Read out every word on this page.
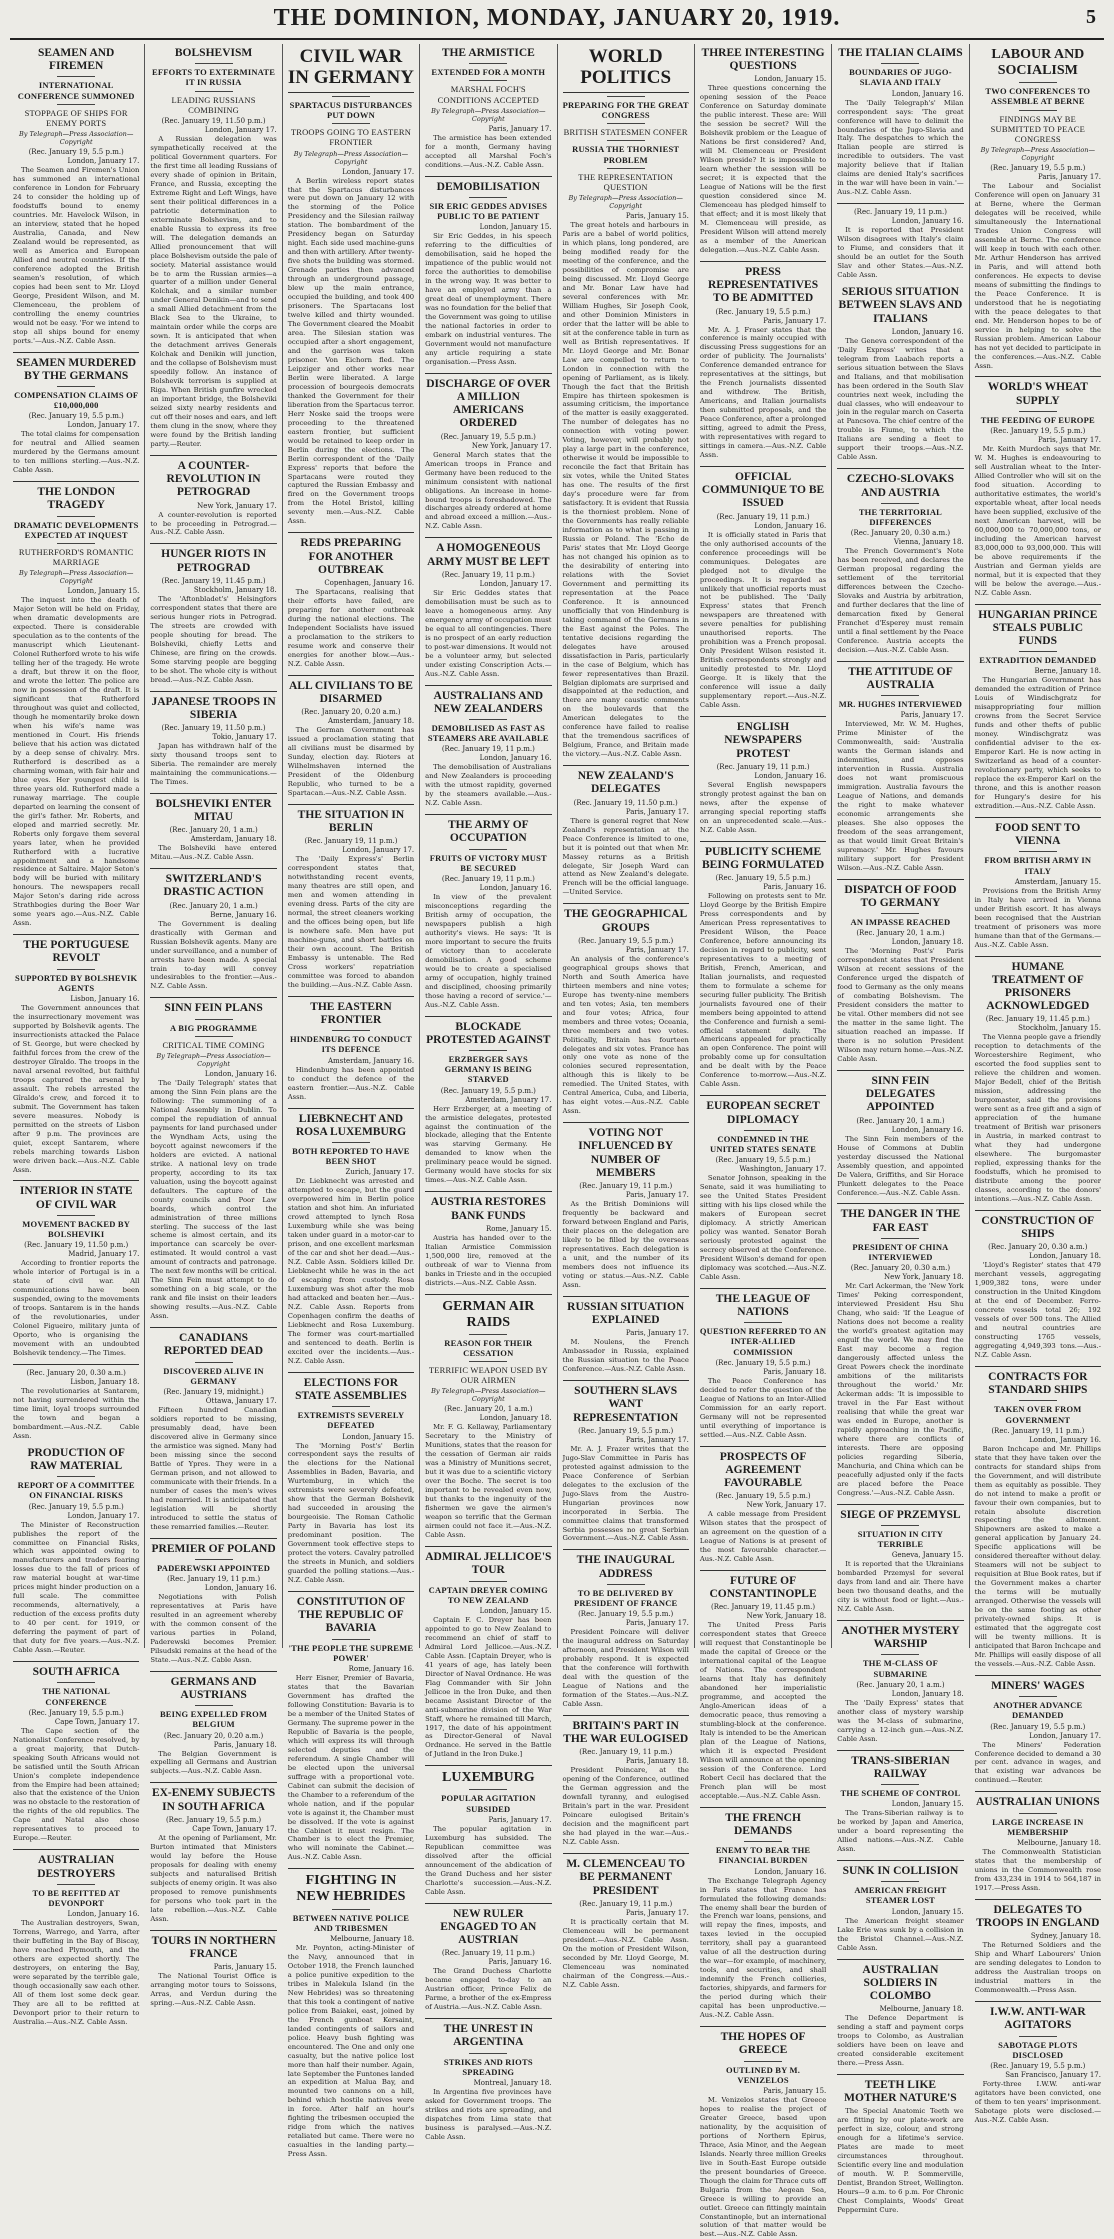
THE DOMINION, MONDAY, JANUARY 20, 1919.	5
SEAMEN AND FIREMEN
INTERNATIONAL CONFERENCE SUMMONED
STOPPAGE OF SHIPS FOR ENEMY PORTS
By Telegraph—Press Association—Copyright
(Rec. January 19, 5.5 p.m.)
London, January 17.

The Seamen and Firemen's Union has summoned an international conference in London for February 24 to consider the holding up of foodstuffs bound to enemy countries. Mr. Havelock Wilson, in an interview, stated that he hoped Australia, Canada, and New Zealand would be represented, as well as America and European Allied and neutral countries. If the conference adopted the British seamen's resolution, of which copies had been sent to Mr. Lloyd George, President Wilson, and M. Clemenceau, the problem of controlling the enemy countries would not be easy. 'For we intend to stop all ships bound for enemy ports.'—Aus.-N.Z. Cable Assn.

SEAMEN MURDERED BY THE GERMANS
COMPENSATION CLAIMS OF £10,000,000
(Rec. January 19, 5.5 p.m.)
London, January 17.

The total claims for compensation for neutral and Allied seamen murdered by the Germans amount to ten millions sterling.—Aus.-N.Z. Cable Assn.

THE LONDON TRAGEDY
DRAMATIC DEVELOPMENTS EXPECTED AT INQUEST
RUTHERFORD'S ROMANTIC MARRIAGE
By Telegraph—Press Association—Copyright
London, January 15.

The inquest into the death of Major Seton will be held on Friday, when dramatic developments are expected. There is considerable speculation as to the contents of the manuscript which Lieutenant-Colonel Rutherford wrote to his wife telling her of the tragedy. He wrote a draft, but threw it on the floor, and wrote the letter. The police are now in possession of the draft. It is significant that Rutherford throughout was quiet and collected, though he momentarily broke down when his wife's name was mentioned in Court. His friends believe that his action was dictated by a deep sense of chivalry. Mrs. Rutherford is described as a charming woman, with fair hair and blue eyes. Her youngest child is three years old. Rutherford made a runaway marriage. The couple departed on learning the consent of the girl's father. Mr. Roberts, and eloped and married secretly. Mr. Roberts only forgave them several years later, when he provided Rutherford with a lucrative appointment and a handsome residence at Saltaire. Major Seton's body will be buried with military honours. The newspapers recall Major Seton's daring ride across Strathbogies during the Boer War some years ago.—Aus.-N.Z. Cable Assn.

THE PORTUGUESE REVOLT
SUPPORTED BY BOLSHEVIK AGENTS
Lisbon, January 16.

The Government announces that the insurrectionary movement was supported by Bolshevik agents. The insurrectionists attacked the Palace of St. George, but were checked by faithful forces from the crew of the destroyer Gîraldo. The troops in the naval arsenal revolted, but faithful troops captured the arsenal by assault. The rebels arrested the Gîraldo's crew, and forced it to submit. The Government has taken severe measures. Nobody is permitted on the streets of Lisbon after 9 p.m. The provinces are quiet, except Santarem, where rebels marching towards Lisbon were driven back.—Aus.-N.Z. Cable Assn.

INTERIOR IN STATE OF CIVIL WAR
MOVEMENT BACKED BY BOLSHEVIKI
(Rec. January 19, 11.50 p.m.)
Madrid, January 17.

According to frontier reports the whole interior of Portugal is in a state of civil war. All communications have been suspended, owing to the movements of troops. Santarem is in the hands of the revolutionaries, under Colonel Figueiro, military junta of Oporto, who is organising the movement with an undoubted Bolshevik tendency.—The Times.

(Rec. January 20, 0.30 a.m.)
Lisbon, January 18.

The revolutionaries at Santarem, not having surrendered within the time limit, loyal troops surrounded the town and began a bombardment.—Aus.-N.Z. Cable Assn.

PRODUCTION OF RAW MATERIAL
REPORT OF A COMMITTEE ON FINANCIAL RISKS
(Rec. January 19, 5.5 p.m.)
London, January 17.

The Minister of Reconstruction publishes the report of the committee on Financial Risks, which was appointed owing to manufacturers and traders fearing losses due to the fall of prices of raw material bought at war-time prices might hinder production on a full scale. The committee recommends, alternatively, a reduction of the excess profits duty to 40 per cent. for 1919, or deferring the payment of part of that duty for five years.—Aus.-N.Z. Cable Assn.—Reuter.

SOUTH AFRICA
THE NATIONAL CONFERENCE
(Rec. January 19, 5.5 p.m.)
Cape Town, January 17.

The Cape section of the Nationalist Conference resolved, by a great majority, that Dutch-speaking South Africans would not be satisfied until the South African Union's complete independence from the Empire had been attained; also that the existence of the Union was no obstacle to the restoration of the rights of the old republics. The Cape and Natal also chose representatives to proceed to Europe.—Reuter.

AUSTRALIAN DESTROYERS
TO BE REFITTED AT DEVONPORT
London, January 16.

The Australian destroyers, Swan, Torrens, Warrego, and Yarra, after their buffeting in the Bay of Biscay, have reached Plymouth, and the others are expected shortly. The destroyers, on entering the Bay, were separated by the terrible gale, though occasionally saw each other. All of them lost some deck gear. They are all to be refitted at Devonport prior to their return to Australia.—Aus.-N.Z. Cable Assn.

BOLSHEVISM
EFFORTS TO EXTERMINATE IT IN RUSSIA
LEADING RUSSIANS COMBINING
(Rec. January 19, 11.50 p.m.)
London, January 17.

A Russian delegation was sympathetically received at the political Government quarters. For the first time all leading Russians of every shade of opinion in Britain, France, and Russia, excepting the Extreme Right and Left Wings, have sent their political differences in a patriotic determination to exterminate Bolshevism, and to enable Russia to express its free will. The delegation demands an Allied pronouncement that will place Bolshevism outside the pale of society. Material assistance would be to arm the Russian armies—a quarter of a million under General Kolchak, and a similar number under General Denikin—and to send a small Allied detachment from the Black Sea to the Ukraine, to maintain order while the corps are sown. It is anticipated that when the detachment arrives Generals Kolchak and Denikin will junction, and the collapse of Bolshevism must speedily follow. An instance of Bolshevik terrorism is supplied at Riga. When British gunfire wrecked an important bridge, the Bolsheviki seized sixty nearby residents and cut off their noses and ears, and left them clung in the snow, where they were found by the British landing party.—Reuter.

A COUNTER-REVOLUTION IN PETROGRAD
New York, January 17.

A counter-revolution is reported to be proceeding in Petrograd.—Aus.-N.Z. Cable Assn.

HUNGER RIOTS IN PETROGRAD
(Rec. January 19, 11.45 p.m.)
Stockholm, January 18.

The 'Aftonbladet's' Helsingfors correspondent states that there are serious hunger riots in Petrograd. The streets are crowded with people shouting for bread. The Bolsheviki, chiefly Letts and Chinese, are firing on the crowds. Some starving people are begging to be shot. The whole city is without bread.—Aus.-N.Z. Cable Assn.

JAPANESE TROOPS IN SIBERIA
(Rec. January 19, 11.50 p.m.)
Tokio, January 17.

Japan has withdrawn half of the sixty thousand troops sent to Siberia. The remainder are merely maintaining the communications.—The Times.

BOLSHEVIKI ENTER MITAU
(Rec. January 20, 1 a.m.)
Amsterdam, January 18.

The Bolsheviki have entered Mitau.—Aus.-N.Z. Cable Assn.

SWITZERLAND'S DRASTIC ACTION
(Rec. January 20, 1 a.m.)
Berne, January 16.

The Government is dealing drastically with German and Russian Bolshevik agents. Many are under surveillance, and a number of arrests have been made. A special train to-day will convey undesirables to the frontier.—Aus.-N.Z. Cable Assn.

SINN FEIN PLANS
A BIG PROGRAMME
CRITICAL TIME COMING
By Telegraph—Press Association—Copyright
London, January 16.

The 'Daily Telegraph' states that among the Sinn Fein plans are the following: The summoning of a National Assembly in Dublin. To compel the repudiation of annual payments for land purchased under the Wyndham Acts, using the boycott against newcomers if the holders are evicted. A national strike. A national levy on trade property, according to its tax valuation, using the boycott against defaulters. The capture of the county councils and Poor Law boards, which control the administration of three millions sterling. The success of the last scheme is almost certain, and its importance can scarcely be over-estimated. It would control a vast amount of contracts and patronage. The next few months will be critical. The Sinn Fein must attempt to do something on a big scale, or the rank and file insist on their leaders showing results.—Aus.-N.Z. Cable Assn.

CANADIANS REPORTED DEAD
DISCOVERED ALIVE IN GERMANY
(Rec. January 19, midnight.)
Ottawa, January 17.

Fifteen hundred Canadian soldiers reported to be missing, presumably dead, have been discovered alive in Germany since the armistice was signed. Many had been missing since the second Battle of Ypres. They were in a German prison, and not allowed to communicate with their friends. In a number of cases the men's wives had remarried. It is anticipated that legislation will be shortly introduced to settle the status of these remarried families.—Reuter.

PREMIER OF POLAND
PADEREWSKI APPOINTED
(Rec. January 19, 11 p.m.)
London, January 16.

Negotiations with Polish representatives at Paris have resulted in an agreement whereby with the common consent of the various parties in Poland, Paderewski becomes Premier. Pilsudski remains at the head of the State.—Aus.-N.Z. Cable Assn.

GERMANS AND AUSTRIANS
BEING EXPELLED FROM BELGIUM
(Rec. January 20, 0.20 a.m.)
Paris, January 18.

The Belgian Government is expelling all Germans and Austrian subjects.—Aus.-N.Z. Cable Assn.

EX-ENEMY SUBJECTS IN SOUTH AFRICA
(Rec. January 19, 5.5 p.m.)
Cape Town, January 17.

At the opening of Parliament, Mr. Burton intimated that Ministers would lay before the House proposals for dealing with enemy subjects and naturalised British subjects of enemy origin. It was also proposed to remove punishments for persons who took part in the late rebellion.—Aus.-N.Z. Cable Assn.

TOURS IN NORTHERN FRANCE
Paris, January 15.

The National Tourist Office is arranging motor tours to Soissons, Arras, and Verdun during the spring.—Aus.-N.Z. Cable Assn.

CIVIL WAR IN GERMANY
SPARTACUS DISTURBANCES PUT DOWN
TROOPS GOING TO EASTERN FRONTIER
By Telegraph—Press Association—Copyright
London, January 17.

A Berlin wireless report states that the Spartacus disturbances were put down on January 12 with the storming of the Police Presidency and the Silesian railway station. The bombardment of the Presidency began on Saturday night. Each side used machine-guns and then with artillery. After twenty-five shots the building was stormed. Grenade parties then advanced through an underground passage, blew up the main entrance, occupied the building, and took 400 prisoners. The Spartacans lost twelve killed and thirty wounded. The Government cleared the Moabit area. The Silesian station was occupied after a short engagement, and the garrison was taken prisoner. Von Eichorn fled. The Leipziger and other works near Berlin were liberated. A large procession of bourgeois democrats thanked the Government for their liberation from the Spartacus terror. Herr Noske said the troops were proceeding to the threatened eastern frontier, but sufficient would be retained to keep order in Berlin during the elections. The Berlin correspondent of the 'Daily Express' reports that before the Spartacans were routed they captured the Russian Embassy and fired on the Government troops from the Hotel Bristol, killing seventy men.—Aus.-N.Z. Cable Assn.

REDS PREPARING FOR ANOTHER OUTBREAK
Copenhagen, January 16.

The Spartacans, realising that their efforts have failed, are preparing for another outbreak during the national elections. The Independent Socialists have issued a proclamation to the strikers to resume work and conserve their energies for another blow.—Aus.-N.Z. Cable Assn.

ALL CIVILIANS TO BE DISARMED
(Rec. January 20, 0.20 a.m.)
Amsterdam, January 18.

The German Government has issued a proclamation stating that all civilians must be disarmed by Sunday, election day. Rioters at Wilhelmshaven interned the President of the Oldenburg Republic, who turned to be a Spartacan.—Aus.-N.Z. Cable Assn.

THE SITUATION IN BERLIN
(Rec. January 19, 11 p.m.)
London, January 17.

The 'Daily Express's' Berlin correspondent states that, notwithstanding recent events, many theatres are still open, and men and women attending in evening dress. Parts of the city are normal, the street cleaners working and the offices being open, but life is nowhere safe. Men have put machine-guns, and short battles on their own account. The British Embassy is untenable. The Red Cross workers' repatriation committee was forced to abandon the building.—Aus.-N.Z. Cable Assn.

THE EASTERN FRONTIER
HINDENBURG TO CONDUCT ITS DEFENCE
Amsterdam, January 16.

Hindenburg has been appointed to conduct the defence of the eastern frontier.—Aus.-N.Z. Cable Assn.

LIEBKNECHT AND ROSA LUXEMBURG
BOTH REPORTED TO HAVE BEEN SHOT
Zurich, January 17.

Dr. Liebknecht was arrested and attempted to escape, but the guard overpowered him in Berlin police station and shot him. An infuriated crowd attempted to lynch Rosa Luxemburg while she was being taken under guard in a motor-car to prison, and one excellent marksman of the car and shot her dead.—Aus.-N.Z. Cable Assn. Soldiers killed Dr. Liebknecht while he was in the act of escaping from custody. Rosa Luxemburg was shot after the mob had attacked and beaten her.—Aus.-N.Z. Cable Assn. Reports from Copenhagen confirm the deaths of Liebknecht and Rosa Luxemburg. The former was court-martialled and sentenced to death. Berlin is excited over the incidents.—Aus.-N.Z. Cable Assn.

ELECTIONS FOR STATE ASSEMBLIES
EXTREMISTS SEVERELY DEFEATED
London, January 15.

The 'Morning Post's' Berlin correspondent says the results of the elections for the National Assemblies in Baden, Bavaria, and Wurtemburg, in which the extremists were severely defeated, show that the German Bolshevik had succeeded in arousing the bourgeoisie. The Roman Catholic Party in Bavaria has lost its predominant position. The Government took effective steps to protect the voters. Cavalry patrolled the streets in Munich, and soldiers guarded the polling stations.—Aus.-N.Z. Cable Assn.

CONSTITUTION OF THE REPUBLIC OF BAVARIA
'THE PEOPLE THE SUPREME POWER'
Rome, January 16.

Herr Eisner, Premier of Bavaria, states that the Bavarian Government has drafted the following Constitution: Bavaria is to be a member of the United States of Germany. The supreme power in the Republic of Bavaria is the people, which will express its will through selected deputies and the referendum. A single Chamber will be elected upon the universal suffrage with a proportional vote. Cabinet can submit the decision of the Chamber to a referendum of the whole nation, and if the popular vote is against it, the Chamber must be dissolved. If the vote is against the Cabinet it must resign. The Chamber is to elect the Premier, who will nominate the Cabinet.—Aus.-N.Z. Cable Assn.

FIGHTING IN NEW HEBRIDES
BETWEEN NATIVE POLICE AND TRIBESMEN
Melbourne, January 18.

Mr. Poynton, acting-Minister of the Navy, announced that in October 1918, the French launched a police punitive expedition to the tribes in Malekula Island (in the New Hebrides) was so threatening that this took a contingent of native police from Baiakei, east, joined by the French gunboat Kersaint, landed contingents of sailors and police. Heavy bush fighting was encountered. The One and only one casualty, but the native police lost more than half their number. Again, late September the Funtones landed an expedition at Malua Bay, and mounted two cannons on a hill, behind which hostile natives were in force. After half an hour's fighting the tribesmen occupied the ridge from which the natives retaliated but came. There were no casualties in the landing party.—Press Assn.

THE ARMISTICE
EXTENDED FOR A MONTH
MARSHAL FOCH'S CONDITIONS ACCEPTED
By Telegraph—Press Association—Copyright
Paris, January 17.

The armistice has been extended for a month, Germany having accepted all Marshal Foch's conditions.—Aus.-N.Z. Cable Assn.

DEMOBILISATION
SIR ERIC GEDDES ADVISES PUBLIC TO BE PATIENT
London, January 15.

Sir Eric Geddes, in his speech referring to the difficulties of demobilisation, said he hoped the impatience of the public would not force the authorities to demobilise in the wrong way. It was better to have an employed army than a great deal of unemployment. There was no foundation for the belief that the Government was going to utilise the national factories in order to embark on industrial ventures. The Government would not manufacture any article requiring a state organisation.—Press Assn.

DISCHARGE OF OVER A MILLION AMERICANS ORDERED
(Rec. January 19, 5.5 p.m.)
New York, January 17.

General March states that the American troops in France and Germany have been reduced to the minimum consistent with national obligations. An increase in home-bound troops is foreshadowed. The discharges already ordered at home and abroad exceed a million.—Aus.-N.Z. Cable Assn.

A HOMOGENEOUS ARMY MUST BE LEFT
(Rec. January 19, 11 p.m.)
London, January 17.

Sir Eric Geddes states that demobilisation must be such as to leave a homogeneous army. Any emergency army of occupation must be equal to all contingencies. There is no prospect of an early reduction to post-war dimensions. It would not be a volunteer army, but selected under existing Conscription Acts.—Aus.-N.Z. Cable Assn.

AUSTRALIANS AND NEW ZEALANDERS
DEMOBILISED AS FAST AS STEAMERS ARE AVAILABLE
(Rec. January 19, 11 p.m.)
London, January 16.

The demobilisation of Australians and New Zealanders is proceeding with the utmost rapidity, governed by the steamers available.—Aus.-N.Z. Cable Assn.

THE ARMY OF OCCUPATION
FRUITS OF VICTORY MUST BE SECURED
(Rec. January 19, 11 p.m.)
London, January 16.

In view of the prevalent misconceptions regarding the British army of occupation, the newspapers publish a high authority's views. He says: 'It is more important to secure the fruits of victory than to accelerate demobilisation. A good scheme would be to create a specialised army of occupation, highly trained and disciplined, choosing primarily those having a record of service.'—Aus.-N.Z. Cable Assn.

BLOCKADE PROTESTED AGAINST
ERZBERGER SAYS GERMANY IS BEING STARVED
(Rec. January 19, 5.5 p.m.)
Amsterdam, January 17.

Herr Erzberger, at a meeting of the armistice delegates, protested against the continuation of the blockade, alleging that the Entente was starving Germany. He demanded to know when the preliminary peace would be signed. Germany would have stocks for six times.—Aus.-N.Z. Cable Assn.

AUSTRIA RESTORES BANK FUNDS
Rome, January 15.

Austria has handed over to the Italian Armistice Commission 1,500,000 lire, removed at the outbreak of war to Vienna from banks in Trieste and in the occupied districts.—Aus.-N.Z. Cable Assn.

GERMAN AIR RAIDS
REASON FOR THEIR CESSATION
TERRIFIC WEAPON USED BY OUR AIRMEN
By Telegraph—Press Association—Copyright
(Rec. January 20, 1 a.m.)
London, January 18.

Mr. F. G. Kellaway, Parliamentary Secretary to the Ministry of Munitions, states that the reason for the cessation of German air raids was a Ministry of Munitions secret, but it was due to a scientific victory over the Boche. The secret is too important to be revealed even now, but thanks to the ingenuity of the fishermen we gave the airmen's weapon so terrific that the German airmen could not face it.—Aus.-N.Z. Cable Assn.

ADMIRAL JELLICOE'S TOUR
CAPTAIN DREYER COMING TO NEW ZEALAND
London, January 15.

Captain F. C. Dreyer has been appointed to go to New Zealand to recommend an chief of staff to Admiral Lord Jellicoe.—Aus.-N.Z. Cable Assn. [Captain Dreyer, who is 41 years of age, has lately been Director of Naval Ordnance. He was Flag Commander with Sir John Jellicoe in the Iron Duke, and then became Assistant Director of the anti-submarine division of the War Staff, where he remained till March, 1917, the date of his appointment as Director-General of Naval Ordnance. He served in the Battle of Jutland in the Iron Duke.]

LUXEMBURG
POPULAR AGITATION SUBSIDED
Paris, January 17.

The popular agitation in Luxemburg has subsided. The Republican committee was dissolved after the official announcement of the abdication of the Grand Duchess and her sister Charlotte's succession.—Aus.-N.Z. Cable Assn.

NEW RULER ENGAGED TO AN AUSTRIAN
(Rec. January 19, 11 p.m.)
Paris, January 16.

The Grand Duchess Charlotte became engaged to-day to an Austrian officer, Prince Felix de Parme, a brother of the ex-Empress of Austria.—Aus.-N.Z. Cable Assn.

THE UNREST IN ARGENTINA
STRIKES AND RIOTS SPREADING
Montreal, January 18.

In Argentina five provinces have asked for Government troops. The strikes and riots are spreading, and dispatches from Lima state that business is paralysed.—Aus.-N.Z. Cable Assn.

WORLD POLITICS
PREPARING FOR THE GREAT CONGRESS
BRITISH STATESMEN CONFER
RUSSIA THE THORNIEST PROBLEM
THE REPRESENTATION QUESTION
By Telegraph—Press Association—Copyright
Paris, January 15.

The great hotels and harbours in Paris are a babel of world politics, in which plans, long pondered, are being modified ready for the meeting of the conference, and the possibilities of compromise are being discussed. Mr. Lloyd George and Mr. Bonar Law have had several conferences with Mr. William Hughes, Sir Joseph Cook, and other Dominion Ministers in order that the latter will be able to sit at the conference table in turn as well as British representatives. If Mr. Lloyd George and Mr. Bonar Law are compelled to return to London in connection with the opening of Parliament, as is likely. Though the fact that the British Empire has thirteen spokesmen is assuming criticism, the importance of the matter is easily exaggerated. The number of delegates has no connection with voting power. Voting, however, will probably not play a large part in the conference, otherwise it would be impossible to reconcile the fact that Britain has six votes, while the United States has one. The results of the first day's procedure were far from satisfactory. It is evident that Russia is the thorniest problem. None of the Governments has really reliable information as to what is passing in Russia or Poland. The 'Echo de Paris' states that Mr. Lloyd George has not changed his opinion as to the desirability of entering into relations with the Soviet Government and permitting its representation at the Peace Conference. It is announced unofficially that von Hindenburg is taking command of the Germans in the East against the Poles. The tentative decisions regarding the delegates have aroused dissatisfaction in Paris, particularly in the case of Belgium, which has fewer representatives than Brazil. Belgian diplomats are surprised and disappointed at the reduction, and there are many caustic comments on the boulevards that the American delegates to the conference have failed to realise that the tremendous sacrifices of Belgium, France, and Britain made the victory.—Aus.-N.Z. Cable Assn.

NEW ZEALAND'S DELEGATES
(Rec. January 19, 11.50 p.m.)
Paris, January 17.

There is general regret that New Zealand's representation at the Peace Conference is limited to one, but it is pointed out that when Mr. Massey returns as a British delegate, Sir Joseph Ward can attend as New Zealand's delegate. French will be the official language.—United Service.

THE GEOGRAPHICAL GROUPS
(Rec. January 19, 5.5 p.m.)
Paris, January 17.

An analysis of the conference's geographical groups shows that North and South America have thirteen members and nine votes; Europe has twenty-nine members and ten votes; Asia, ten members and four votes; Africa, four members and three votes; Oceania, three members and two votes. Politically, Britain has fourteen delegates and six votes. France has only one vote as none of the colonies secured representation, although this is likely to be remedied. The United States, with Central America, Cuba, and Liberia, has eight votes.—Aus.-N.Z. Cable Assn.

VOTING NOT INFLUENCED BY NUMBER OF MEMBERS
(Rec. January 19, 11 p.m.)
Paris, January 17.

As the British Dominions will frequently be backward and forward between England and Paris, their places on the delegation are likely to be filled by the overseas representatives. Each delegation is a unit, and the number of its members does not influence its voting or status.—Aus.-N.Z. Cable Assn.

RUSSIAN SITUATION EXPLAINED
Paris, January 17.

M. Noulens, the French Ambassador in Russia, explained the Russian situation to the Peace Conference.—Aus.-N.Z. Cable Assn.

SOUTHERN SLAVS WANT REPRESENTATION
(Rec. January 19, 5.5 p.m.)
Paris, January 17.

Mr. A. J. Frazer writes that the Jugo-Slav Committee in Paris has protested against admission to the Peace Conference of Serbian delegates to the exclusion of the Jugo-Slavs from the Austro-Hungarian provinces now incorporated in Serbia. The committee claims that transformed Serbia possesses no great Serbian Government.—Aus.-N.Z. Cable Assn.

THE INAUGURAL ADDRESS
TO BE DELIVERED BY PRESIDENT OF FRANCE
(Rec. January 19, 5.5 p.m.)
Paris, January 17.

President Poincare will deliver the inaugural address on Saturday afternoon, and President Wilson will probably respond. It is expected that the conference will forthwith deal with the question of the League of Nations and the formation of the States.—Aus.-N.Z. Cable Assn.

BRITAIN'S PART IN THE WAR EULOGISED
(Rec. January 19, 11 p.m.)
Paris, January 18.

President Poincare, at the opening of the Conference, outlined the German aggression and the downfall tyranny, and eulogised Britain's part in the war. President Poincare eulogised Britain's decision and the magnificent part she had played in the war.—Aus.-N.Z. Cable Assn.

M. CLEMENCEAU TO BE PERMANENT PRESIDENT
(Rec. January 19, 11 p.m.)
Paris, January 17.

It is practically certain that M. Clemenceau will be permanent president.—Aus.-N.Z. Cable Assn. On the motion of President Wilson, seconded by Mr. Lloyd George, M. Clemenceau was nominated chairman of the Congress.—Aus.-N.Z. Cable Assn.

THREE INTERESTING QUESTIONS
London, January 15.

Three questions concerning the opening session of the Peace Conference on Saturday dominate the public interest. These are: Will the session be secret? Will the Bolshevik problem or the League of Nations be first considered? And, will M. Clemenceau or President Wilson preside? It is impossible to learn whether the session will be secret; it is expected that the League of Nations will be the first question considered since M. Clemenceau has pledged himself to that effect; and it is most likely that M. Clemenceau will preside, as President Wilson will attend merely as a member of the American delegation.—Aus.-N.Z. Cable Assn.

PRESS REPRESENTATIVES TO BE ADMITTED
(Rec. January 19, 5.5 p.m.)
Paris, January 17.

Mr. A. J. Fraser states that the conference is mainly occupied with discussing Press suggestions for an order of publicity. The Journalists' Conference demanded entrance for representatives at the sittings, but the French journalists dissented and withdrew. The British, Americans, and Italian journalists then submitted proposals, and the Peace Conference, after a prolonged sitting, agreed to admit the Press, with representatives with regard to sittings in camera.—Aus.-N.Z. Cable Assn.

OFFICIAL COMMUNIQUE TO BE ISSUED
(Rec. January 19, 11 p.m.)
London, January 16.

It is officially stated in Paris that the only authorised accounts of the conference proceedings will be communiques. Delegates are pledged not to divulge the proceedings. It is regarded as unlikely that unofficial reports must not be published. The 'Daily Express' states that French newspapers are threatened with severe penalties for publishing unauthorised reports. The prohibition was a French proposal. Only President Wilson resisted it. British correspondents strongly and unitedly protested to Mr. Lloyd George. It is likely that the conference will issue a daily supplementary report.—Aus.-N.Z. Cable Assn.

ENGLISH NEWSPAPERS PROTEST
(Rec. January 19, 11 p.m.)
London, January 16.

Several English newspapers strongly protest against the ban on news, after the expense of arranging special reporting staffs on an unprecedented scale.—Aus.-N.Z. Cable Assn.

PUBLICITY SCHEME BEING FORMULATED
(Rec. January 19, 5.5 p.m.)
Paris, January 16.

Following on protests sent to Mr. Lloyd George by the British Empire Press correspondents and by American Press representatives to President Wilson, the Peace Conference, before announcing its decision in regard to publicity, sent representatives to a meeting of British, French, American, and Italian journalists, and requested them to formulate a scheme for securing fuller publicity. The British journalists favoured one of their members being appointed to attend the Conference and furnish a semi-official statement daily. The Americans appealed for practically an open Conference. The point will probably come up for consultation and be dealt with by the Peace Conference to-morrow.—Aus.-N.Z. Cable Assn.

EUROPEAN SECRET DIPLOMACY
CONDEMNED IN THE UNITED STATES SENATE
(Rec. January 19, 5.5 p.m.)
Washington, January 17.

Senator Johnson, speaking in the Senate, said it was humiliating to see the United States President sitting with his lips closed while the makers of European secret diplomacy. A strictly American policy was wanted. Senator Borah seriously protested against the secrecy observed at the Conference. President Wilson's demand for open diplomacy was scotched.—Aus.-N.Z. Cable Assn.

THE LEAGUE OF NATIONS
QUESTION REFERRED TO AN INTER-ALLIED COMMISSION
(Rec. January 19, 5.5 p.m.)
Paris, January 18.

The Peace Conference has decided to refer the question of the League of Nations to an Inter-Allied Commission for an early report. Germany will not be represented until everything of importance is settled.—Aus.-N.Z. Cable Assn.

PROSPECTS OF AGREEMENT FAVOURABLE
(Rec. January 19, 5.5 p.m.)
New York, January 17.

A cable message from President Wilson states that the prospect of an agreement on the question of a League of Nations is at present of the most favourable character.—Aus.-N.Z. Cable Assn.

FUTURE OF CONSTANTINOPLE
(Rec. January 19, 11.45 p.m.)
New York, January 18.

The United Press Paris correspondent states that Greece will request that Constantinople be made the capital of Greece or the international capital of the League of Nations. The correspondent learns that Italy has definitely abandoned her imperialistic programme, and accepted the Anglo-American ideas of a democratic peace, thus removing a stumbling-block at the conference. Italy is intended to be the American plan of the League of Nations, which it is expected President Wilson will announce at the opening session of the Conference. Lord Robert Cecil has declared that the French plan will be most acceptable.—Aus.-N.Z. Cable Assn.

THE FRENCH DEMANDS
ENEMY TO BEAR THE FINANCIAL BURDEN
London, January 16.

The Exchange Telegraph Agency in Paris states that France has formulated the following demands: The enemy shall bear the burden of the French war loans, pensions, and will repay the fines, imposts, and taxes levied in the occupied territory, shall pay a guaranteed value of all the destruction during the war—for example, of machinery, tools, and securities, and shall indemnify the French collieries, factories, shipyards, and farmers for the period during which their capital has been unproductive.—Aus.-N.Z. Cable Assn.

THE HOPES OF GREECE
OUTLINED BY M. VENIZELOS
Paris, January 15.

M. Venizelos states that Greece hopes to realise the project of Greater Greece, based upon nationality, by the acquisition of portions of Northern Epirus, Thrace, Asia Minor, and the Aegean Islands. Nearly three million Greeks live in South-East Europe outside the present boundaries of Greece. Though the claim for Thrace cuts off Bulgaria from the Aegean Sea, Greece is willing to provide an outlet. Greece can fittingly maintain Constantinople, but an international solution of that matter would be best.—Aus.-N.Z. Cable Assn.

THE ITALIAN CLAIMS
BOUNDARIES OF JUGO-SLAVIA AND ITALY
London, January 16.

The 'Daily Telegraph's' Milan correspondent says: 'The great conference will have to delimit the boundaries of the Jugo-Slavia and Italy. The despatches to which the Italian people are stirred is incredible to outsiders. The vast majority believe that if Italian claims are denied Italy's sacrifices in the war will have been in vain.'—Aus.-N.Z. Cable Assn.

(Rec. January 19, 11 p.m.)
London, January 16.

It is reported that President Wilson disagrees with Italy's claim to Fiume, and considers that it should be an outlet for the South Slav and other States.—Aus.-N.Z. Cable Assn.

SERIOUS SITUATION BETWEEN SLAVS AND ITALIANS
London, January 16.

The Geneva correspondent of the 'Daily Express' writes that a telegram from Laabach reports a serious situation between the Slavs and Italians, and that mobilisation has been ordered in the South Slav countries next week, including the dual classes, who will endeavour to join in the regular march on Caserta at Pancsova. The chief centre of the trouble is Fiume, to which the Italians are sending a fleet to support their troops.—Aus.-N.Z. Cable Assn.

CZECHO-SLOVAKS AND AUSTRIA
THE TERRITORIAL DIFFERENCES
(Rec. January 20, 0.30 a.m.)
Vienna, January 18.

The French Government's Note has been received, and declares the German proposal regarding the settlement of the territorial differences between the Czecho-Slovaks and Austria by arbitration, and further declares that the line of demarcation fixed by General Franchet d'Esperey must remain until a final settlement by the Peace Conference. Austria accepts the decision.—Aus.-N.Z. Cable Assn.

THE ATTITUDE OF AUSTRALIA
MR. HUGHES INTERVIEWED
Paris, January 17.

Interviewed, Mr. W. M. Hughes, Prime Minister of the Commonwealth, said: 'Australia wants the German islands and indemnities, and opposes intervention in Russia. Australia does not want promiscuous immigration. Australia favours the League of Nations, and demands the right to make whatever economic arrangements she pleases. She also opposes the freedom of the seas arrangement, as that would limit Great Britain's supremacy.' Mr. Hughes favours military support for President Wilson.—Aus.-N.Z. Cable Assn.

DISPATCH OF FOOD TO GERMANY
AN IMPASSE REACHED
(Rec. January 20, 1 a.m.)
London, January 18.

The 'Morning Post's' Paris correspondent states that President Wilson at recent sessions of the Conference urged the dispatch of food to Germany as the only means of combating Bolshevism. The President considers the matter to be vital. Other members did not see the matter in the same light. The situation reached an impasse. If there is no solution President Wilson may return home.—Aus.-N.Z. Cable Assn.

SINN FEIN DELEGATES APPOINTED
(Rec. January 20, 1 a.m.)
London, January 16.

The Sinn Fein members of the House of Commons at Dublin yesterday discussed the National Assembly question, and appointed De Valera, Griffiths, and Sir Horace Plunkett delegates to the Peace Conference.—Aus.-N.Z. Cable Assn.

THE DANGER IN THE FAR EAST
PRESIDENT OF CHINA INTERVIEWED
(Rec. January 20, 0.30 a.m.)
New York, January 18.

Mr. Carl Ackerman, the 'New York Times' Peking correspondent, interviewed President Hsu Shu Chang, who said: 'If the League of Nations does not become a reality the world's greatest agitation may engulf the world. We may find the East may become a region dangerously affected unless the Great Powers check the inordinate ambitions of the militarists throughout the world.' Mr. Ackerman adds: 'It is impossible to travel in the Far East without realising that while the great war was ended in Europe, another is rapidly approaching in the Pacific, where there are conflicts of interests. There are opposing policies regarding Siberia, Manchuria, and China which can be peacefully adjusted only if the facts are placed before the Peace Congress.'—Aus.-N.Z. Cable Assn.

SIEGE OF PRZEMYSL
SITUATION IN CITY TERRIBLE
Geneva, January 15.

It is reported that the Ukrainians bombarded Przemysl for several days from land and air. There have been two thousand deaths, and the city is without food or light.—Aus.-N.Z. Cable Assn.

ANOTHER MYSTERY WARSHIP
THE M-CLASS OF SUBMARINE
(Rec. January 20, 1 a.m.)
London, January 18.

The 'Daily Express' states that another class of mystery warship was the M-class of submarine, carrying a 12-inch gun.—Aus.-N.Z. Cable Assn.

TRANS-SIBERIAN RAILWAY
THE SCHEME OF CONTROL
London, January 15.

The Trans-Siberian railway is to be worked by Japan and America, under a board representing the Allied nations.—Aus.-N.Z. Cable Assn.

SUNK IN COLLISION
AMERICAN FREIGHT STEAMER LOST
London, January 15.

The American freight steamer Lake Erie was sunk by a collision in the Bristol Channel.—Aus.-N.Z. Cable Assn.

AUSTRALIAN SOLDIERS IN COLOMBO
Melbourne, January 18.

The Defence Department is sending a staff and payment corps troops to Colombo, as Australian soldiers have been on leave and created considerable excitement there.—Press Assn.

TEETH LIKE MOTHER NATURE'S

The Special Anatomic Teeth we are fitting by our plate-work are perfect in size, colour, and strong enough for a lifetime's service. Plates are made to meet circumstances throughout. Scientific every line and modulation of mouth. W. P. Sommerville, Dentist, Brandon Street, Wellington. Hours—9 a.m. to 6 p.m. For Chronic Chest Complaints, Woods' Great Peppermint Cure.

LABOUR AND SOCIALISM
TWO CONFERENCES TO ASSEMBLE AT BERNE
FINDINGS MAY BE SUBMITTED TO PEACE CONGRESS
By Telegraph—Press Association—Copyright
(Rec. January 19, 5.5 p.m.)
Paris, January 17.

The Labour and Socialist Conference will open on January 31 at Berne, where the German delegates will be received, while simultaneously the International Trades Union Congress will assemble at Berne. The conference will keep in touch with each other. Mr. Arthur Henderson has arrived in Paris, and will attend both conferences. He expects to devise means of submitting the findings to the Peace Conference. It is understood that he is negotiating with the peace delegates to that end. Mr. Henderson hopes to be of service in helping to solve the Russian problem. American Labour has not yet decided to participate in the conferences.—Aus.-N.Z. Cable Assn.

WORLD'S WHEAT SUPPLY
THE FEEDING OF EUROPE
(Rec. January 19, 5.5 p.m.)
Paris, January 17.

Mr. Keith Murdoch says that Mr. W. M. Hughes is endeavouring to sell Australian wheat to the Inter-Allied Controller who will sit on the food situation. According to authoritative estimates, the world's exportable wheat, after local needs have been supplied, exclusive of the next American harvest, will be 60,000,000 to 70,000,000 tons, or including the American harvest 83,000,000 to 93,000,000. This will be above requirements if the Austrian and German yields are normal, but it is expected that they will be below the average.—Aus.-N.Z. Cable Assn.

HUNGARIAN PRINCE STEALS PUBLIC FUNDS
EXTRADITION DEMANDED
Berne, January 18.

The Hungarian Government has demanded the extradition of Prince Louis of Windischgratz for misappropriating four million crowns from the Secret Service funds and other thefts of public money. Windischgratz was confidential adviser to the ex-Emperor Karl. He is now acting in Switzerland as head of a counter-revolutionary party, which seeks to replace the ex-Emperor Karl on the throne, and this is another reason for Hungary's desire for his extradition.—Aus.-N.Z. Cable Assn.

FOOD SENT TO VIENNA
FROM BRITISH ARMY IN ITALY
Amsterdam, January 15.

Provisions from the British Army in Italy have arrived in Vienna under British escort. It has always been recognised that the Austrian treatment of prisoners was more humane than that of the Germans.—Aus.-N.Z. Cable Assn.

HUMANE TREATMENT OF PRISONERS ACKNOWLEDGED
(Rec. January 19, 11.45 p.m.)
Stockholm, January 15.

The Vienna people gave a friendly reception to detachments of the Worcestershire Regiment, who escorted the food supplies sent to relieve the children and women. Major Bedell, chief of the British mission, addressing the burgomaster, said the provisions were sent as a free gift and a sign of appreciation of the humane treatment of British war prisoners in Austria, in marked contrast to what they had undergone elsewhere. The burgomaster replied, expressing thanks for the foodstuffs, which he promised to distribute among the poorer classes, according to the donors' intentions.—Aus.-N.Z. Cable Assn.

CONSTRUCTION OF SHIPS
(Rec. January 20, 0.30 a.m.)
London, January 18.

'Lloyd's Register' states that 479 merchant vessels, aggregating 1,909,382 tons, were under construction in the United Kingdom at the end of December. Ferro-concrete vessels total 26; 192 vessels of over 500 tons. The Allied and neutral countries are constructing 1765 vessels, aggregating 4,949,393 tons.—Aus.-N.Z. Cable Assn.

CONTRACTS FOR STANDARD SHIPS
TAKEN OVER FROM GOVERNMENT
(Rec. January 19, 11 p.m.)
London, January 16.

Baron Inchcape and Mr. Phillips state that they have taken over the contracts for standard ships from the Government, and will distribute them as equitably as possible. They do not intend to make a profit or favour their own companies, but to retain absolute discretion respecting the allotment. Shipowners are asked to make a general application by January 24. Specific applications will be considered thereafter without delay. Steamers will not be subject to requisition at Blue Book rates, but if the Government makes a charter the terms will be mutually arranged. Otherwise the vessels will be on the same footing as other privately-owned ships. It is estimated that the aggregate cost will be twenty millions. It is anticipated that Baron Inchcape and Mr. Phillips will easily dispose of all the vessels.—Aus.-N.Z. Cable Assn.

MINERS' WAGES
ANOTHER ADVANCE DEMANDED
(Rec. January 19, 5.5 p.m.)
London, January 17.

The Miners' Federation Conference decided to demand a 30 per cent. advance in wages, and that existing war advances be continued.—Reuter.

AUSTRALIAN UNIONS
LARGE INCREASE IN MEMBERSHIP
Melbourne, January 18.

The Commonwealth Statistician states that the membership of unions in the Commonwealth rose from 433,234 in 1914 to 564,187 in 1917.—Press Assn.

DELEGATES TO TROOPS IN ENGLAND
Sydney, January 18.

The Returned Soldiers and the Ship and Wharf Labourers' Union are sending delegates to London to address the Australian troops on industrial matters in the Commonwealth.—Press Assn.

I.W.W. ANTI-WAR AGITATORS
SABOTAGE PLOTS DISCLOSED
(Rec. January 19, 5.5 p.m.)
San Francisco, January 17.

Forty-three I.W.W. anti-war agitators have been convicted, one of them to ten years' imprisonment. Sabotage plots were disclosed.—Aus.-N.Z. Cable Assn.
